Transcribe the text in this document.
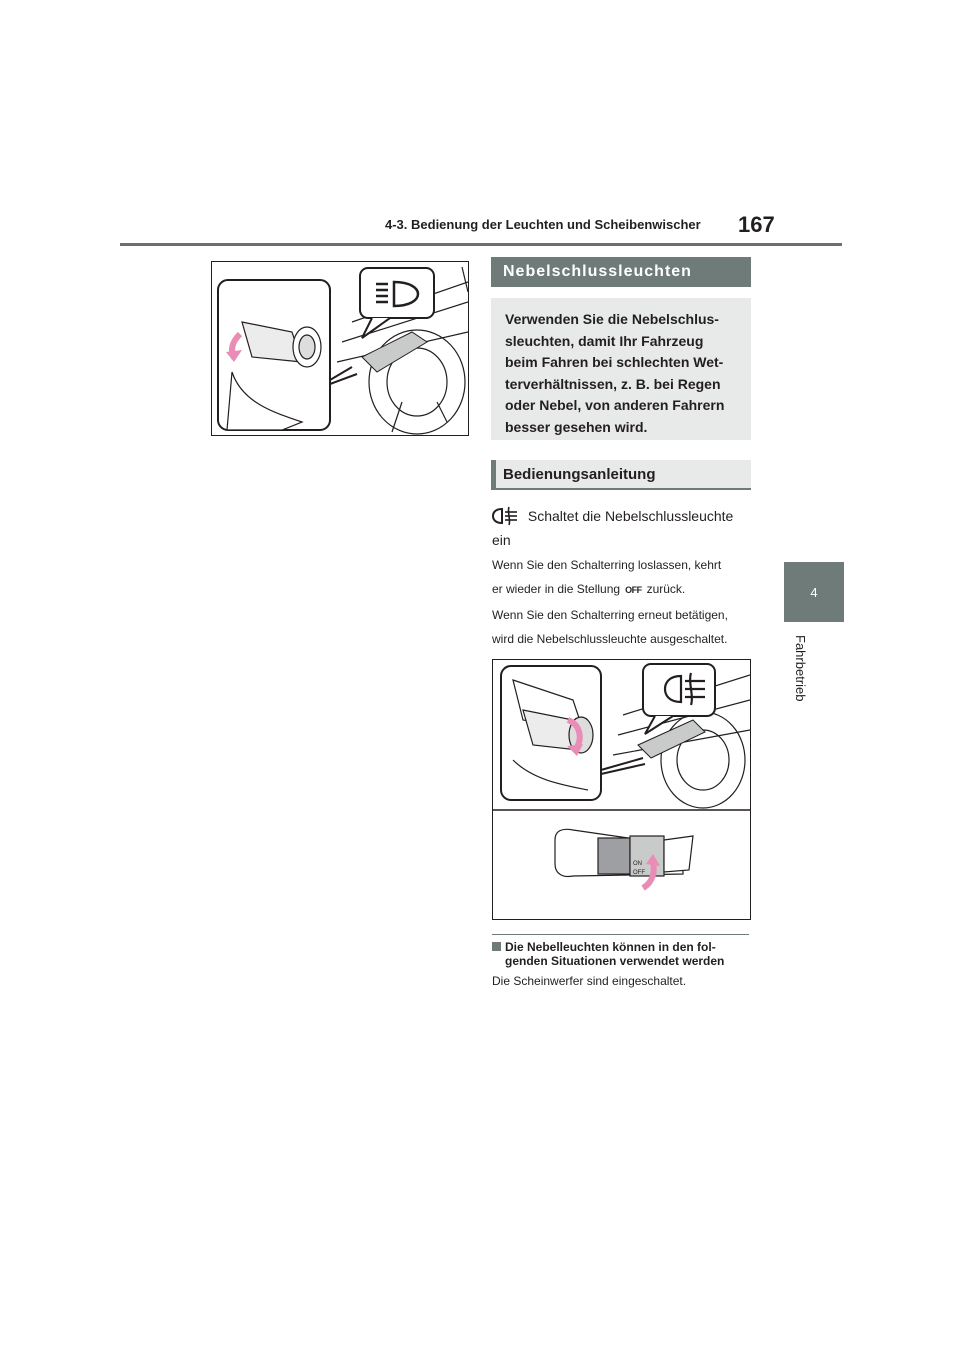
4-3. Bedienung der Leuchten und Scheibenwischer 167
4
Fahrbetrieb
Nebelschlussleuchten
Verwenden Sie die Nebelschlus-
sleuchten, damit Ihr Fahrzeug
beim Fahren bei schlechten Wet-
terverhältnissen, z. B. bei Regen
oder Nebel, von anderen Fahrern
besser gesehen wird.
Bedienungsanleitung
Schaltet die Nebelschlussleuchte
ein
Wenn Sie den Schalterring loslassen, kehrt
er wieder in die Stellung OFF zurück.
Wenn Sie den Schalterring erneut betätigen,
wird die Nebelschlussleuchte ausgeschaltet.
ON
OFF
Die Nebelleuchten können in den fol-
genden Situationen verwendet werden
Die Scheinwerfer sind eingeschaltet.
